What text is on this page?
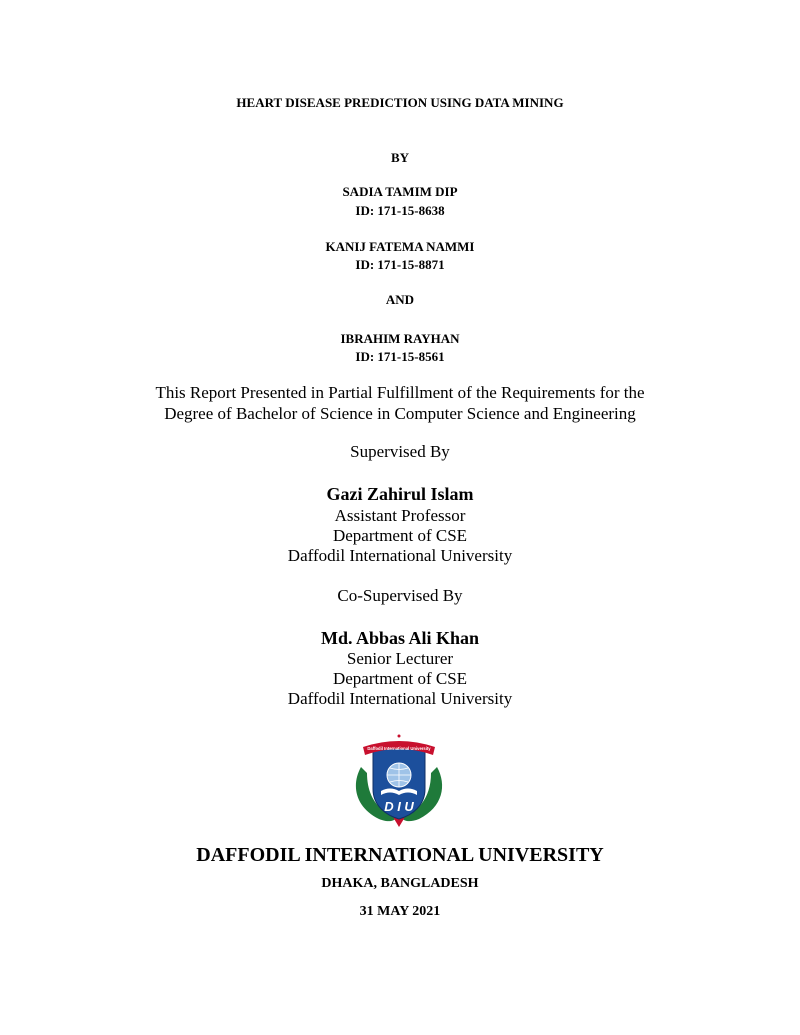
HEART DISEASE PREDICTION USING DATA MINING
BY
SADIA TAMIM DIP
ID: 171-15-8638
KANIJ FATEMA NAMMI
ID: 171-15-8871
AND
IBRAHIM RAYHAN
ID: 171-15-8561
This Report Presented in Partial Fulfillment of the Requirements for the
Degree of Bachelor of Science in Computer Science and Engineering
Supervised By
Gazi Zahirul Islam
Assistant Professor
Department of CSE
Daffodil International University
Co-Supervised By
Md. Abbas Ali Khan
Senior Lecturer
Department of CSE
Daffodil International University
Daffodil International University
D I U
DAFFODIL INTERNATIONAL UNIVERSITY
DHAKA, BANGLADESH
31 MAY 2021
